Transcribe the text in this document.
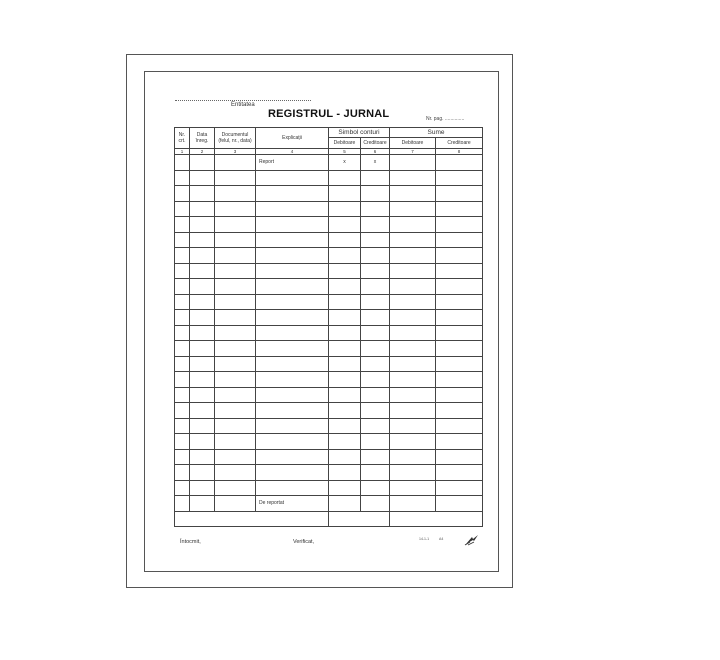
Entitatea
REGISTRUL - JURNAL	Nr. pag. ..............
Nr. crt.	Data înreg.	Documentul (felul, nr., data)	Explicații	Simbol conturi		Sume	
				Debitoare	Creditoare	Debitoare	Creditoare
1	2	3	4	5	6	7	8
			Report	x	x		

			De reportat				

Întocmit,	Verificat,	14-1-1	A4
